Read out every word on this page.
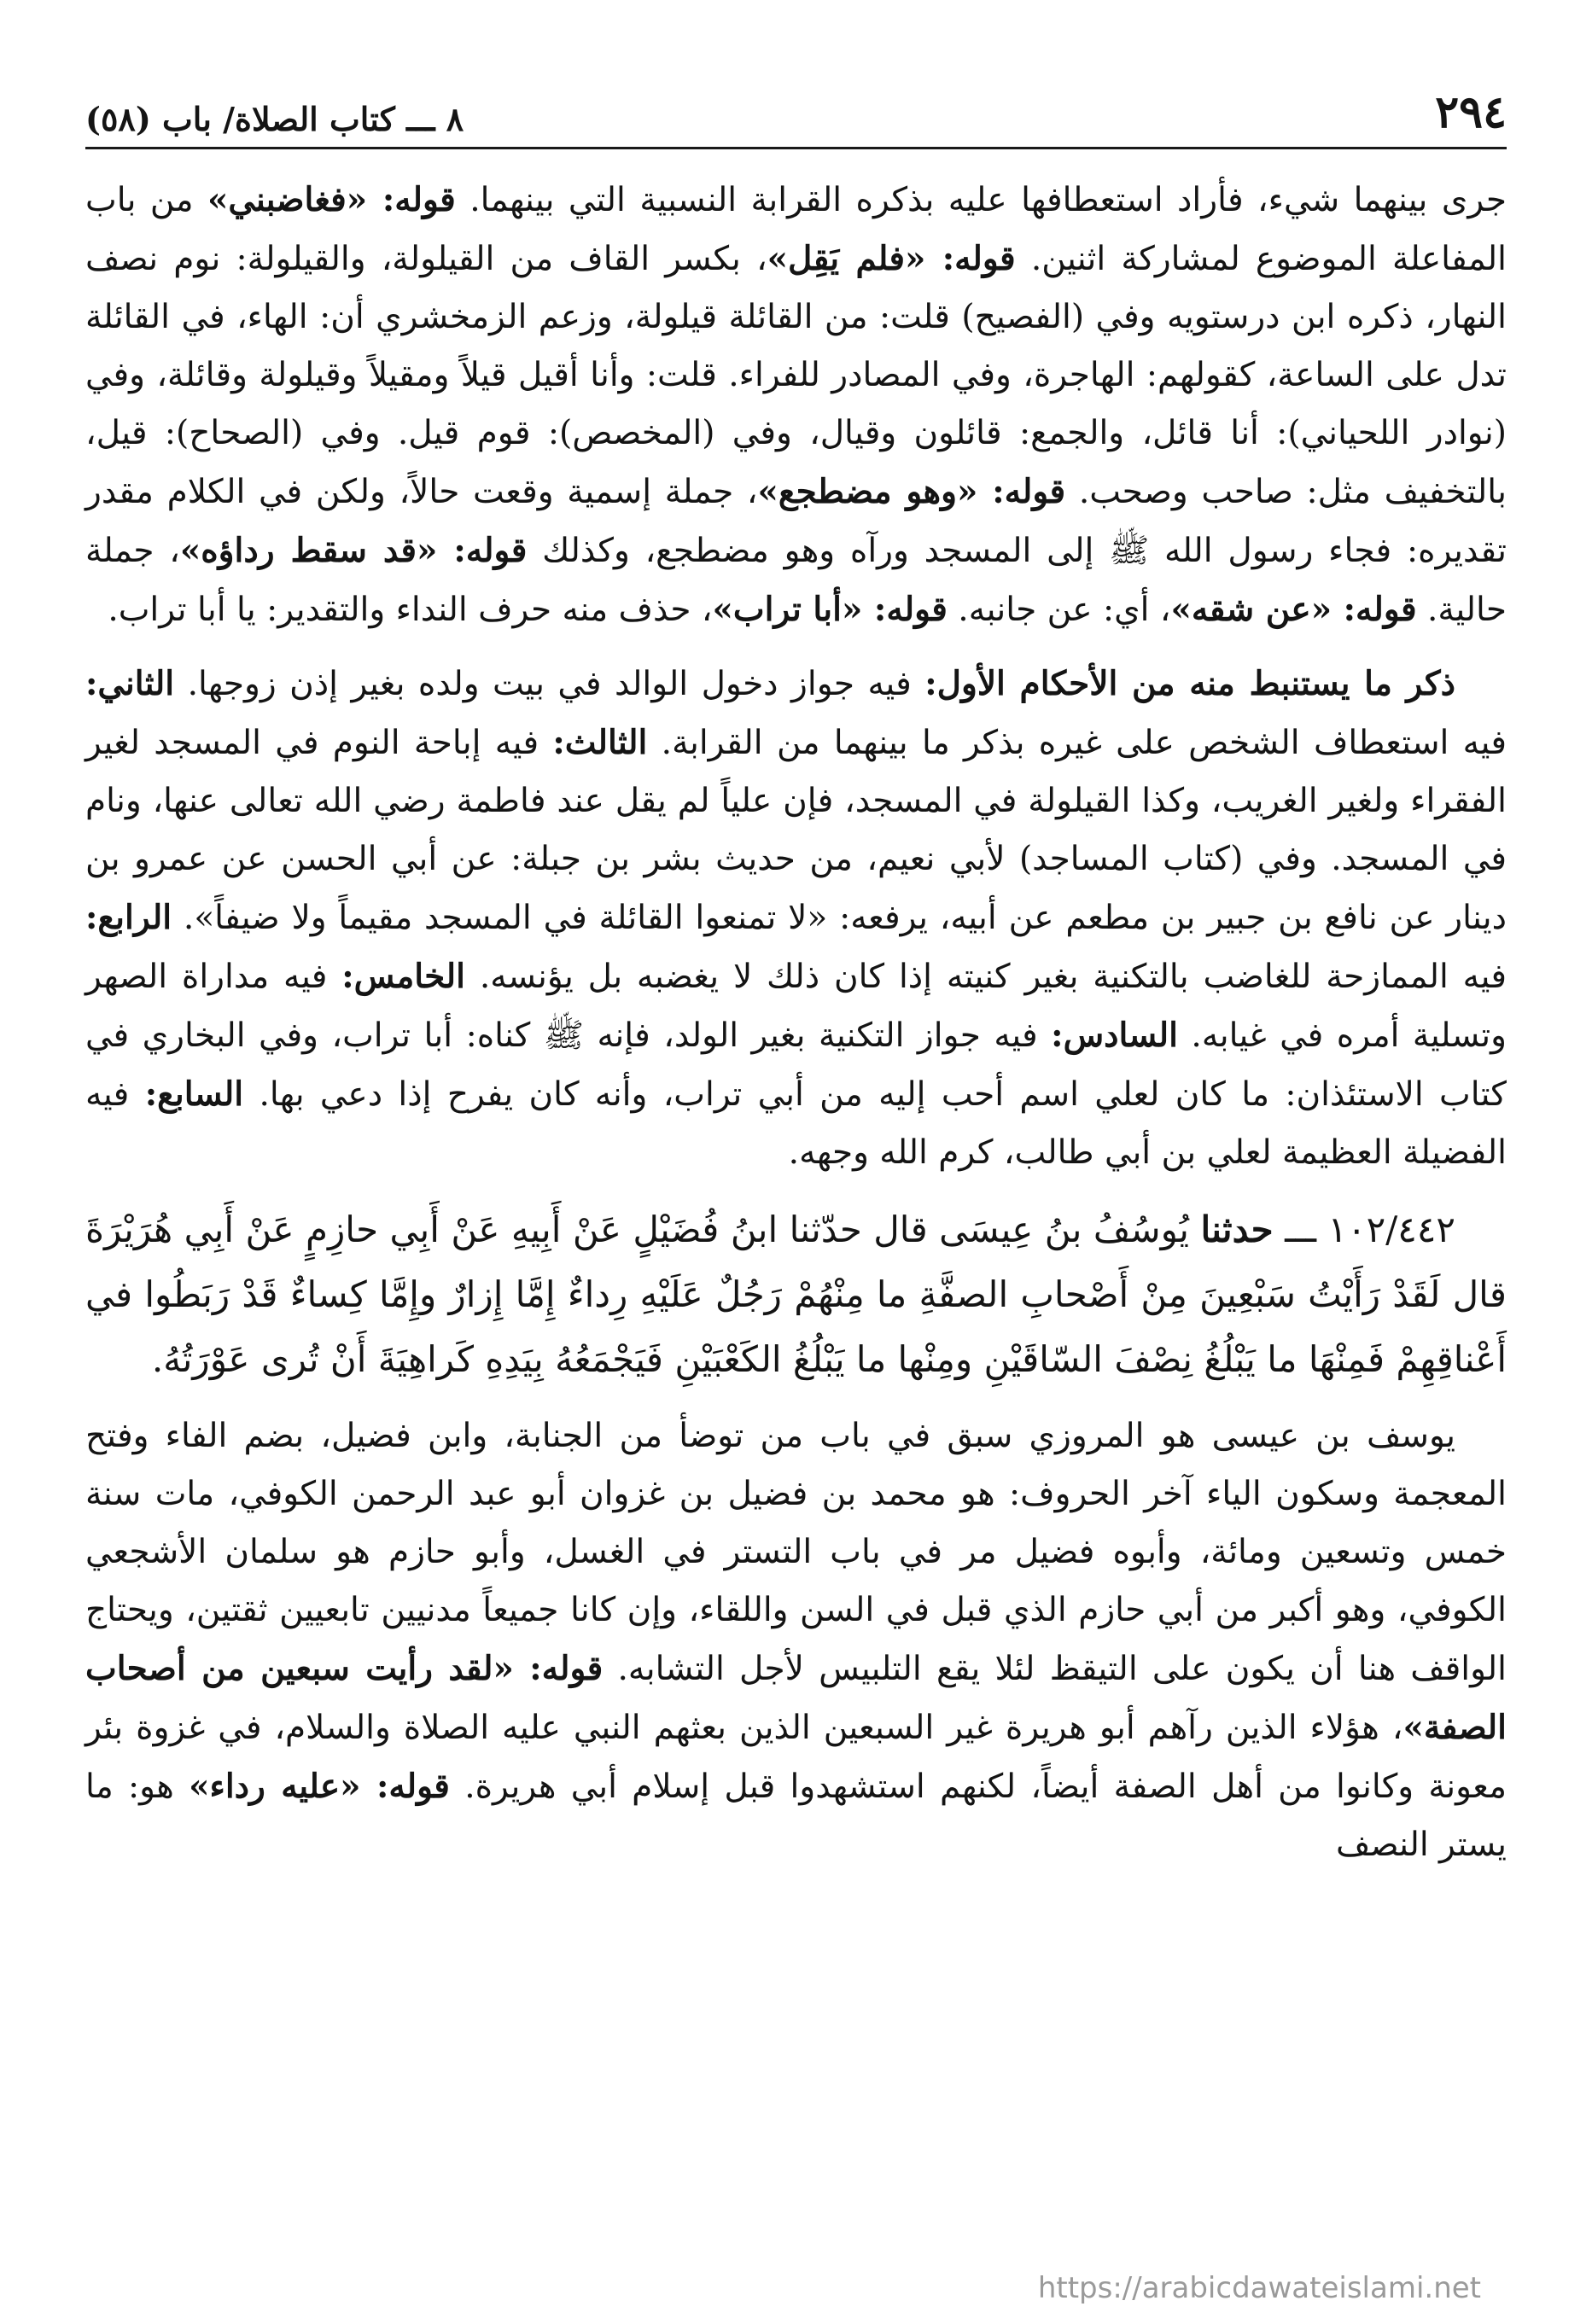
٢٩٤
٨ ـــ كتاب الصلاة/ باب (٥٨)

جرى بينهما شيء، فأراد استعطافها عليه بذكره القرابة النسبية التي بينهما. قوله: «فغاضبني» من باب المفاعلة الموضوع لمشاركة اثنين. قوله: «فلم يَقِل»، بكسر القاف من القيلولة، والقيلولة: نوم نصف النهار، ذكره ابن درستويه وفي (الفصيح) قلت: من القائلة قيلولة، وزعم الزمخشري أن: الهاء، في القائلة تدل على الساعة، كقولهم: الهاجرة، وفي المصادر للفراء. قلت: وأنا أقيل قيلاً ومقيلاً وقيلولة وقائلة، وفي (نوادر اللحياني): أنا قائل، والجمع: قائلون وقيال، وفي (المخصص): قوم قيل. وفي (الصحاح): قيل، بالتخفيف مثل: صاحب وصحب. قوله: «وهو مضطجع»، جملة إسمية وقعت حالاً، ولكن في الكلام مقدر تقديره: فجاء رسول الله ﷺ إلى المسجد ورآه وهو مضطجع، وكذلك قوله: «قد سقط رداؤه»، جملة حالية. قوله: «عن شقه»، أي: عن جانبه. قوله: «أبا تراب»، حذف منه حرف النداء والتقدير: يا أبا تراب.

ذكر ما يستنبط منه من الأحكام الأول: فيه جواز دخول الوالد في بيت ولده بغير إذن زوجها. الثاني: فيه استعطاف الشخص على غيره بذكر ما بينهما من القرابة. الثالث: فيه إباحة النوم في المسجد لغير الفقراء ولغير الغريب، وكذا القيلولة في المسجد، فإن علياً لم يقل عند فاطمة رضي الله تعالى عنها، ونام في المسجد. وفي (كتاب المساجد) لأبي نعيم، من حديث بشر بن جبلة: عن أبي الحسن عن عمرو بن دينار عن نافع بن جبير بن مطعم عن أبيه، يرفعه: «لا تمنعوا القائلة في المسجد مقيماً ولا ضيفاً». الرابع: فيه الممازحة للغاضب بالتكنية بغير كنيته إذا كان ذلك لا يغضبه بل يؤنسه. الخامس: فيه مداراة الصهر وتسلية أمره في غيابه. السادس: فيه جواز التكنية بغير الولد، فإنه ﷺ كناه: أبا تراب، وفي البخاري في كتاب الاستئذان: ما كان لعلي اسم أحب إليه من أبي تراب، وأنه كان يفرح إذا دعي بها. السابع: فيه الفضيلة العظيمة لعلي بن أبي طالب، كرم الله وجهه.

١٠٢/٤٤٢ ـــ حدثنا يُوسُفُ بنُ عِيسَى قال حدّثنا ابنُ فُضَيْلٍ عَنْ أَبِيهِ عَنْ أَبِي حازِمٍ عَنْ أَبِي هُرَيْرَةَ قال لَقَدْ رَأَيْتُ سَبْعِينَ مِنْ أَصْحابِ الصفَّةِ ما مِنْهُمْ رَجُلٌ عَلَيْهِ رِداءٌ إِمَّا إِزارٌ وإِمَّا كِساءٌ قَدْ رَبَطُوا في أَعْناقِهِمْ فَمِنْهَا ما يَبْلُغُ نِصْفَ السّاقَيْنِ ومِنْها ما يَبْلُغُ الكَعْبَيْنِ فَيَجْمَعُهُ بِيَدِهِ كَراهِيَةَ أَنْ تُرى عَوْرَتُهُ.

يوسف بن عيسى هو المروزي سبق في باب من توضأ من الجنابة، وابن فضيل، بضم الفاء وفتح المعجمة وسكون الياء آخر الحروف: هو محمد بن فضيل بن غزوان أبو عبد الرحمن الكوفي، مات سنة خمس وتسعين ومائة، وأبوه فضيل مر في باب التستر في الغسل، وأبو حازم هو سلمان الأشجعي الكوفي، وهو أكبر من أبي حازم الذي قبل في السن واللقاء، وإن كانا جميعاً مدنيين تابعيين ثقتين، ويحتاج الواقف هنا أن يكون على التيقظ لئلا يقع التلبيس لأجل التشابه. قوله: «لقد رأيت سبعين من أصحاب الصفة»، هؤلاء الذين رآهم أبو هريرة غير السبعين الذين بعثهم النبي عليه الصلاة والسلام، في غزوة بئر معونة وكانوا من أهل الصفة أيضاً، لكنهم استشهدوا قبل إسلام أبي هريرة. قوله: «عليه رداء» هو: ما يستر النصف

https://arabicdawateislami.net
